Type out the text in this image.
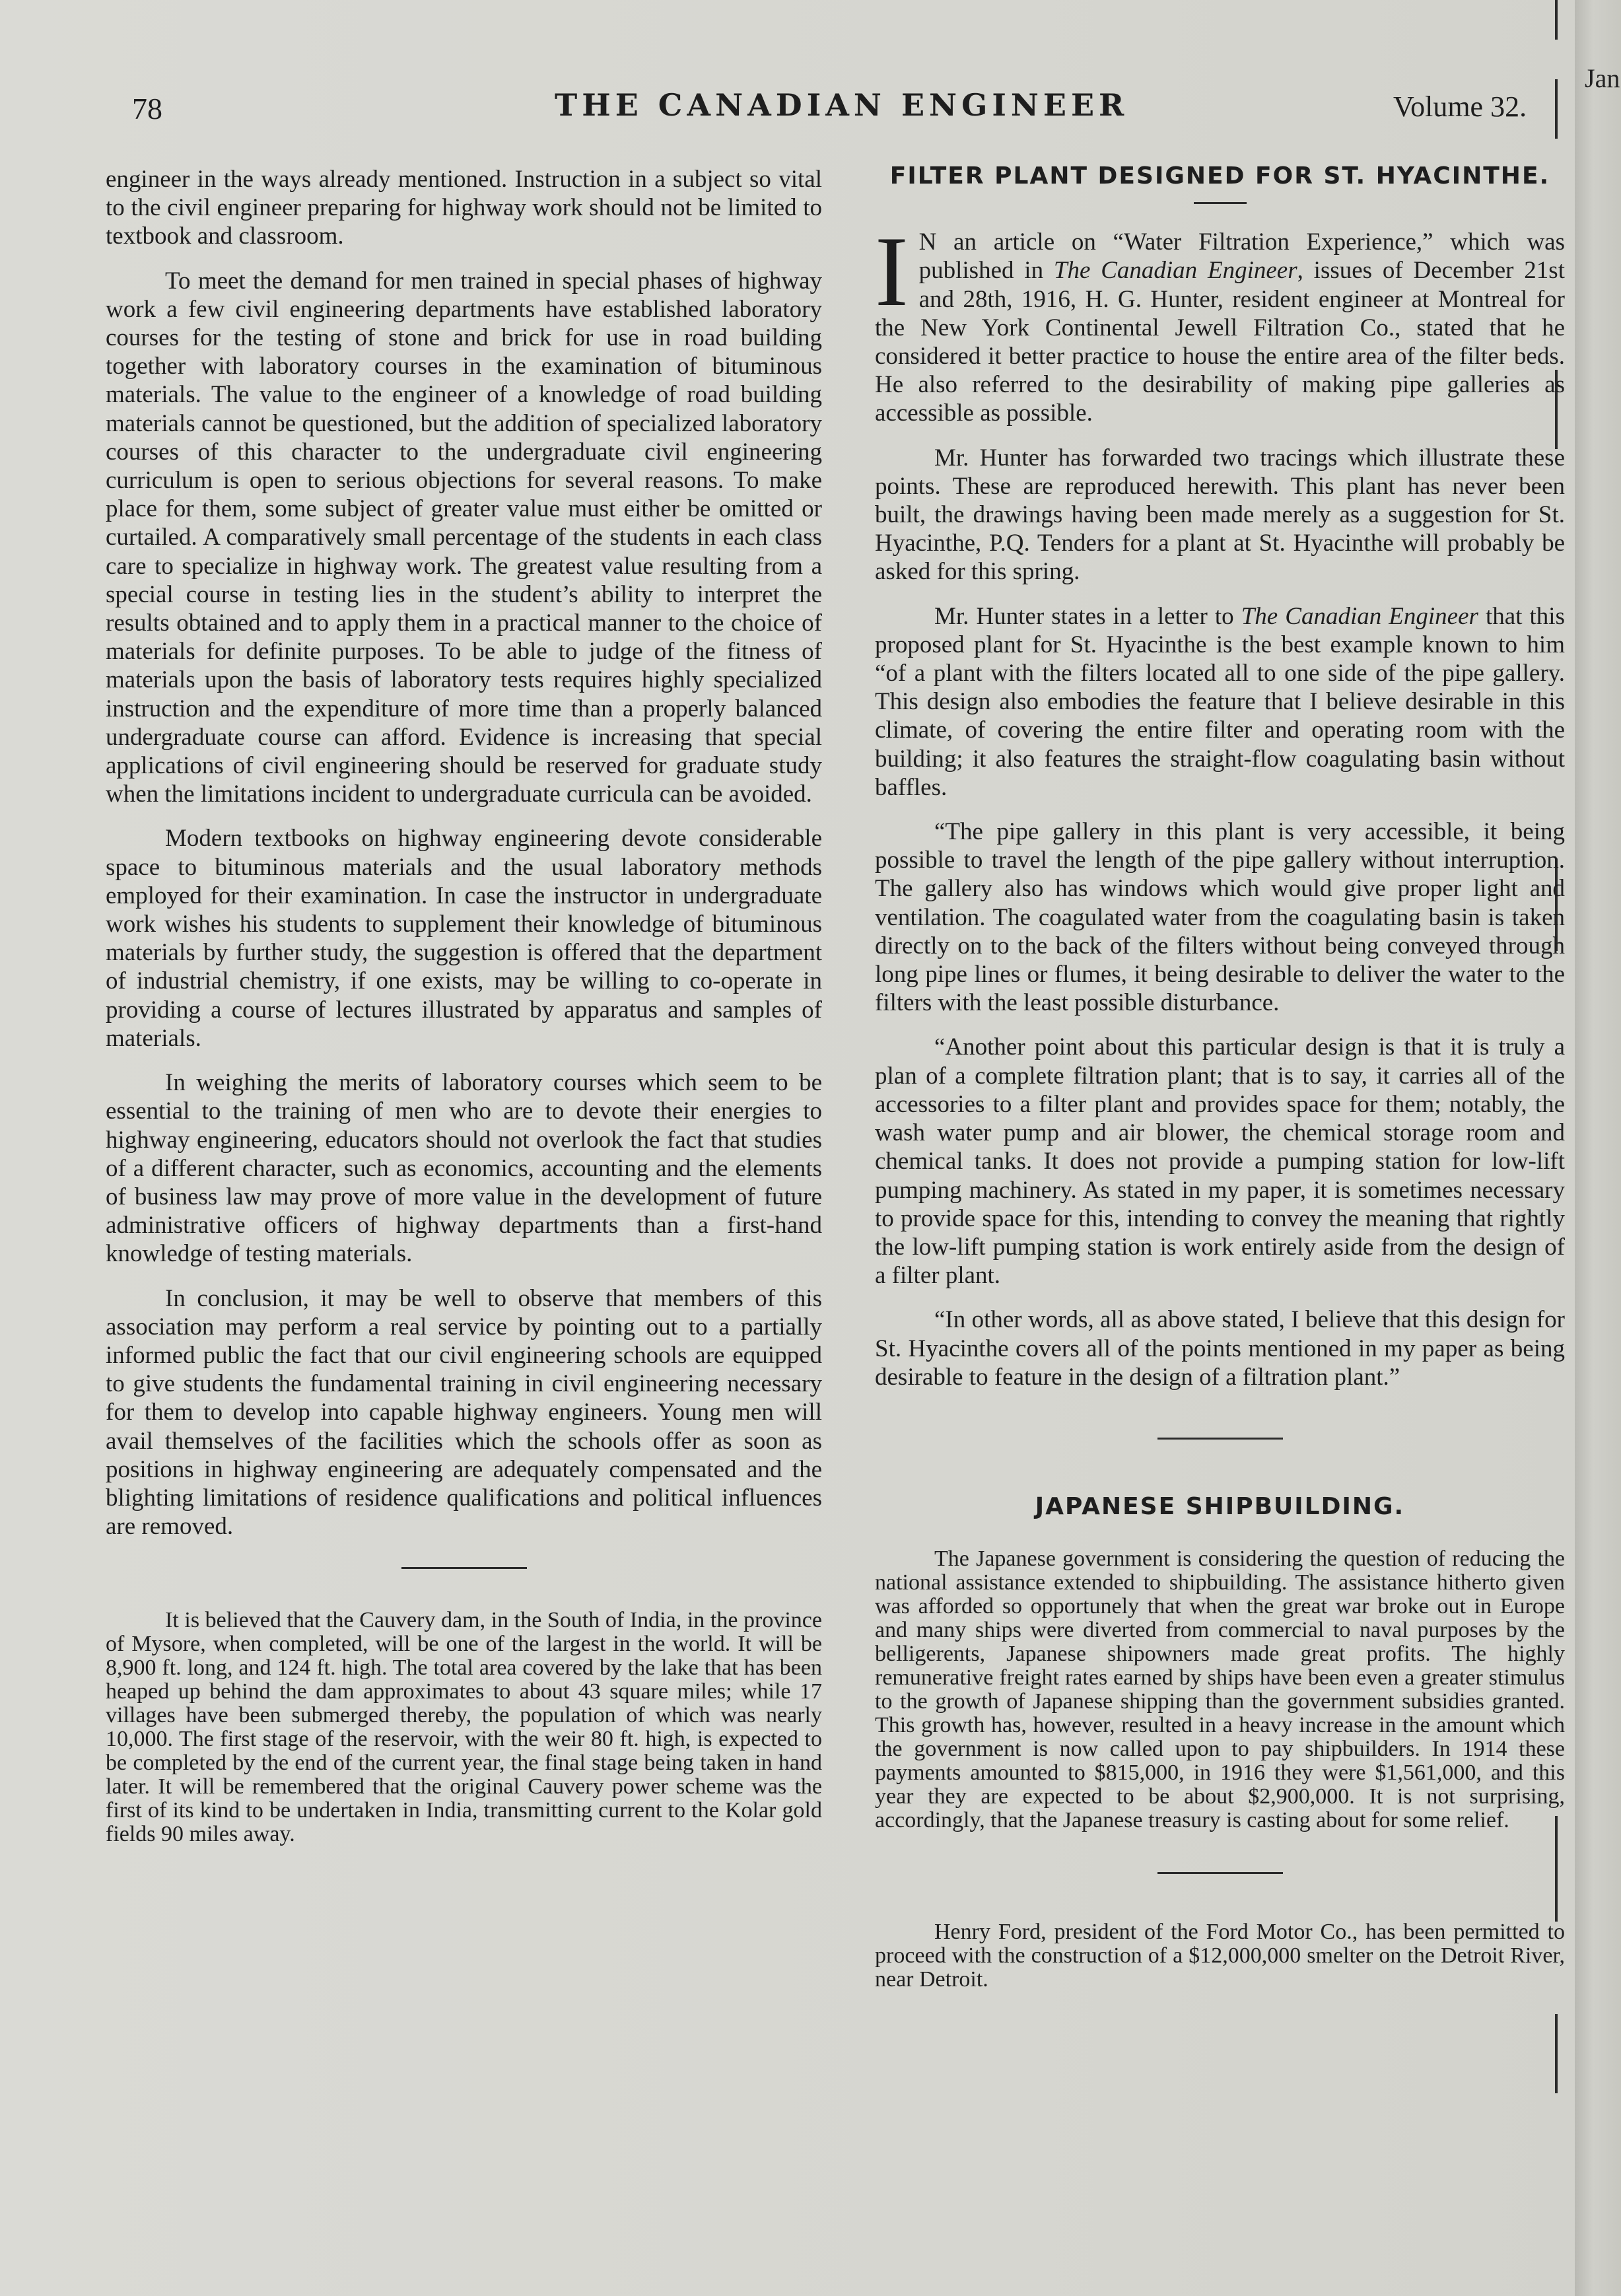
Jan
78	THE CANADIAN ENGINEER	Volume 32.

engineer in the ways already mentioned. Instruction in a subject so vital to the civil engineer preparing for highway work should not be limited to textbook and classroom.

To meet the demand for men trained in special phases of highway work a few civil engineering departments have established laboratory courses for the testing of stone and brick for use in road building together with laboratory courses in the examination of bituminous materials. The value to the engineer of a knowledge of road building materials cannot be questioned, but the addition of specialized laboratory courses of this character to the undergraduate civil engineering curriculum is open to serious objections for several reasons. To make place for them, some subject of greater value must either be omitted or curtailed. A comparatively small percentage of the students in each class care to specialize in highway work. The greatest value resulting from a special course in testing lies in the student’s ability to interpret the results obtained and to apply them in a practical manner to the choice of materials for definite purposes. To be able to judge of the fitness of materials upon the basis of laboratory tests requires highly specialized instruction and the expenditure of more time than a properly balanced undergraduate course can afford. Evidence is increasing that special applications of civil engineering should be reserved for graduate study when the limitations incident to undergraduate curricula can be avoided.

Modern textbooks on highway engineering devote considerable space to bituminous materials and the usual laboratory methods employed for their examination. In case the instructor in undergraduate work wishes his students to supplement their knowledge of bituminous materials by further study, the suggestion is offered that the department of industrial chemistry, if one exists, may be willing to co-operate in providing a course of lectures illustrated by apparatus and samples of materials.

In weighing the merits of laboratory courses which seem to be essential to the training of men who are to devote their energies to highway engineering, educators should not overlook the fact that studies of a different character, such as economics, accounting and the elements of business law may prove of more value in the development of future administrative officers of highway departments than a first-hand knowledge of testing materials.

In conclusion, it may be well to observe that members of this association may perform a real service by pointing out to a partially informed public the fact that our civil engineering schools are equipped to give students the fundamental training in civil engineering necessary for them to develop into capable highway engineers. Young men will avail themselves of the facilities which the schools offer as soon as positions in highway engineering are adequately compensated and the blighting limitations of residence qualifications and political influences are removed.

It is believed that the Cauvery dam, in the South of India, in the province of Mysore, when completed, will be one of the largest in the world. It will be 8,900 ft. long, and 124 ft. high. The total area covered by the lake that has been heaped up behind the dam approximates to about 43 square miles; while 17 villages have been submerged thereby, the population of which was nearly 10,000. The first stage of the reservoir, with the weir 80 ft. high, is expected to be completed by the end of the current year, the final stage being taken in hand later. It will be remembered that the original Cauvery power scheme was the first of its kind to be undertaken in India, transmitting current to the Kolar gold fields 90 miles away.

FILTER PLANT DESIGNED FOR ST. HYACINTHE.

I N an article on “Water Filtration Experience,” which was published in The Canadian Engineer, issues of December 21st and 28th, 1916, H. G. Hunter, resident engineer at Montreal for the New York Continental Jewell Filtration Co., stated that he considered it better practice to house the entire area of the filter beds. He also referred to the desirability of making pipe galleries as accessible as possible.

Mr. Hunter has forwarded two tracings which illustrate these points. These are reproduced herewith. This plant has never been built, the drawings having been made merely as a suggestion for St. Hyacinthe, P.Q. Tenders for a plant at St. Hyacinthe will probably be asked for this spring.

Mr. Hunter states in a letter to The Canadian Engineer that this proposed plant for St. Hyacinthe is the best example known to him “of a plant with the filters located all to one side of the pipe gallery. This design also embodies the feature that I believe desirable in this climate, of covering the entire filter and operating room with the building; it also features the straight-flow coagulating basin without baffles.

“The pipe gallery in this plant is very accessible, it being possible to travel the length of the pipe gallery without interruption. The gallery also has windows which would give proper light and ventilation. The coagulated water from the coagulating basin is taken directly on to the back of the filters without being conveyed through long pipe lines or flumes, it being desirable to deliver the water to the filters with the least possible disturbance.

“Another point about this particular design is that it is truly a plan of a complete filtration plant; that is to say, it carries all of the accessories to a filter plant and provides space for them; notably, the wash water pump and air blower, the chemical storage room and chemical tanks. It does not provide a pumping station for low-lift pumping machinery. As stated in my paper, it is sometimes necessary to provide space for this, intending to convey the meaning that rightly the low-lift pumping station is work entirely aside from the design of a filter plant.

“In other words, all as above stated, I believe that this design for St. Hyacinthe covers all of the points mentioned in my paper as being desirable to feature in the design of a filtration plant.”

JAPANESE SHIPBUILDING.

The Japanese government is considering the question of reducing the national assistance extended to shipbuilding. The assistance hitherto given was afforded so opportunely that when the great war broke out in Europe and many ships were diverted from commercial to naval purposes by the belligerents, Japanese shipowners made great profits. The highly remunerative freight rates earned by ships have been even a greater stimulus to the growth of Japanese shipping than the government subsidies granted. This growth has, however, resulted in a heavy increase in the amount which the government is now called upon to pay shipbuilders. In 1914 these payments amounted to $815,000, in 1916 they were $1,561,000, and this year they are expected to be about $2,900,000. It is not surprising, accordingly, that the Japanese treasury is casting about for some relief.

Henry Ford, president of the Ford Motor Co., has been permitted to proceed with the construction of a $12,000,000 smelter on the Detroit River, near Detroit.
